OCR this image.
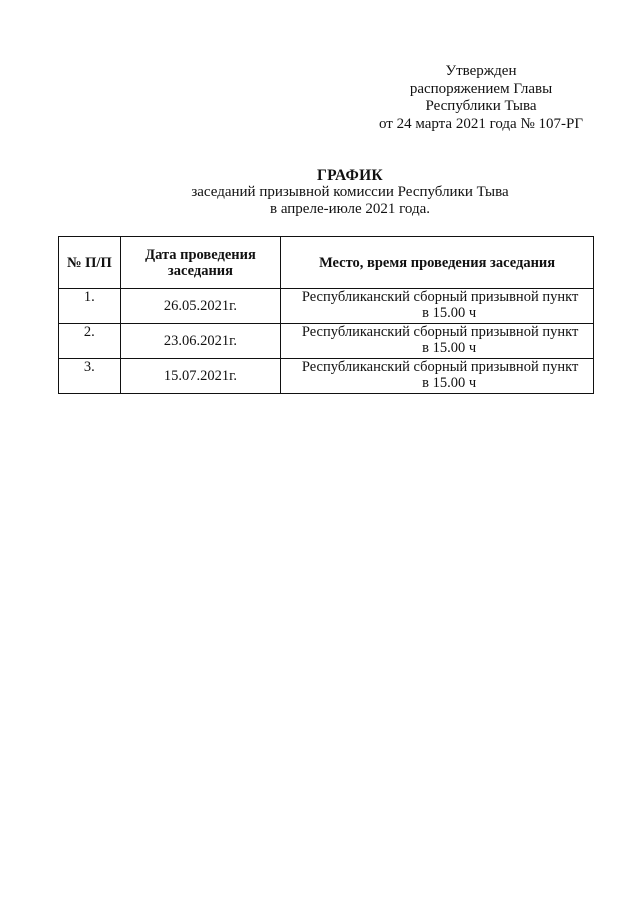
Утвержден
распоряжением Главы
Республики Тыва
от 24 марта 2021 года № 107-РГ
ГРАФИК
заседаний призывной комиссии Республики Тыва
в апреле-июле 2021 года.
№ П/П	Дата проведения заседания	Место, время проведения заседания
1.	26.05.2021г.	Республиканский сборный призывной пункт
в 15.00 ч

2.	23.06.2021г.	Республиканский сборный призывной пункт
в 15.00 ч

3.	15.07.2021г.	Республиканский сборный призывной пункт
в 15.00 ч
